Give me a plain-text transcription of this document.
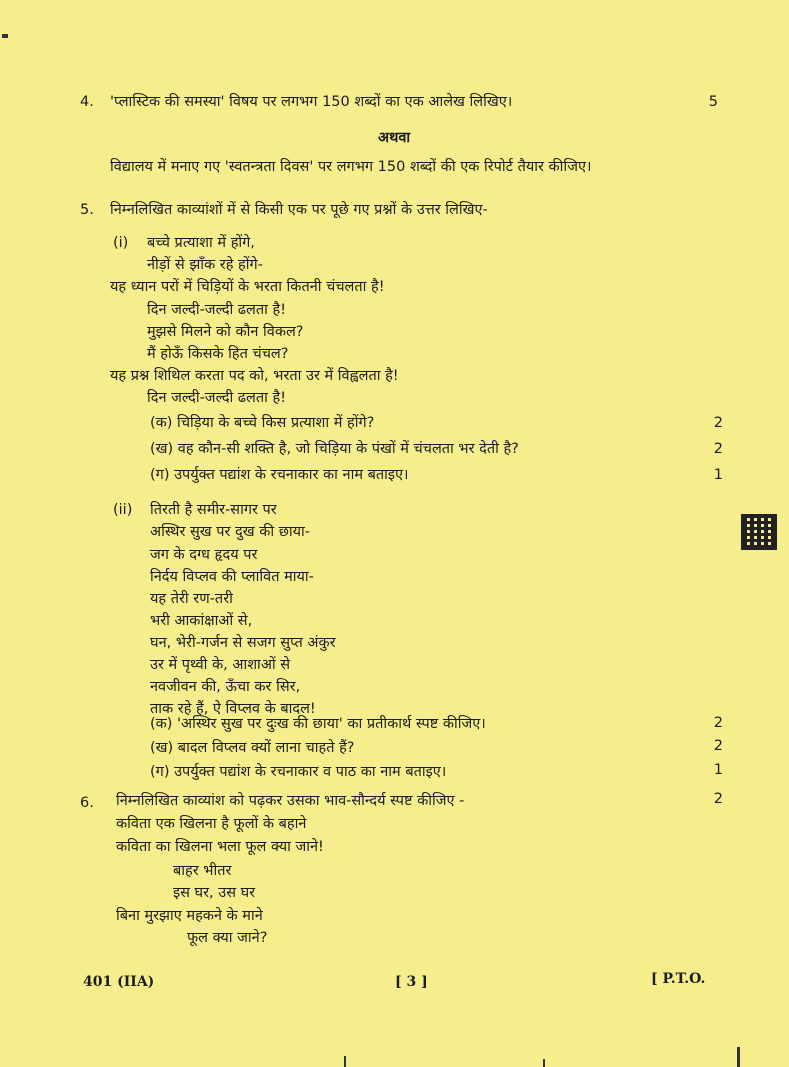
4. 'प्लास्टिक की समस्या' विषय पर लगभग 150 शब्दों का एक आलेख लिखिए।	5
अथवा
विद्यालय में मनाए गए 'स्वतन्त्रता दिवस' पर लगभग 150 शब्दों की एक रिपोर्ट तैयार कीजिए।
5. निम्नलिखित काव्यांशों में से किसी एक पर पूछे गए प्रश्नों के उत्तर लिखिए-
(i) बच्चे प्रत्याशा में होंगे,
नीड़ों से झाँक रहे होंगे-
यह ध्यान परों में चिड़ियों के भरता कितनी चंचलता है!
दिन जल्दी-जल्दी ढलता है!
मुझसे मिलने को कौन विकल?
मैं होऊँ किसके हित चंचल?
यह प्रश्न शिथिल करता पद को, भरता उर में विह्वलता है!
दिन जल्दी-जल्दी ढलता है!
(क) चिड़िया के बच्चे किस प्रत्याशा में होंगे?	2
(ख) वह कौन-सी शक्ति है, जो चिड़िया के पंखों में चंचलता भर देती है?	2
(ग) उपर्युक्त पद्यांश के रचनाकार का नाम बताइए।	1
(ii) तिरती है समीर-सागर पर
अस्थिर सुख पर दुख की छाया-
जग के दग्ध हृदय पर
निर्दय विप्लव की प्लावित माया-
यह तेरी रण-तरी
भरी आकांक्षाओं से,
घन, भेरी-गर्जन से सजग सुप्त अंकुर
उर में पृथ्वी के, आशाओं से
नवजीवन की, ऊँचा कर सिर,
ताक रहे हैं, ऐ विप्लव के बादल!
(क) 'अस्थिर सुख पर दुःख की छाया' का प्रतीकार्थ स्पष्ट कीजिए।	2
(ख) बादल विप्लव क्यों लाना चाहते हैं?	2
(ग) उपर्युक्त पद्यांश के रचनाकार व पाठ का नाम बताइए।	1
6. निम्नलिखित काव्यांश को पढ़कर उसका भाव-सौन्दर्य स्पष्ट कीजिए -	2
कविता एक खिलना है फूलों के बहाने
कविता का खिलना भला फूल क्या जाने!
बाहर भीतर
इस घर, उस घर
बिना मुरझाए महकने के माने
फूल क्या जाने?
401 (IIA)	[ 3 ]	[ P.T.O.
